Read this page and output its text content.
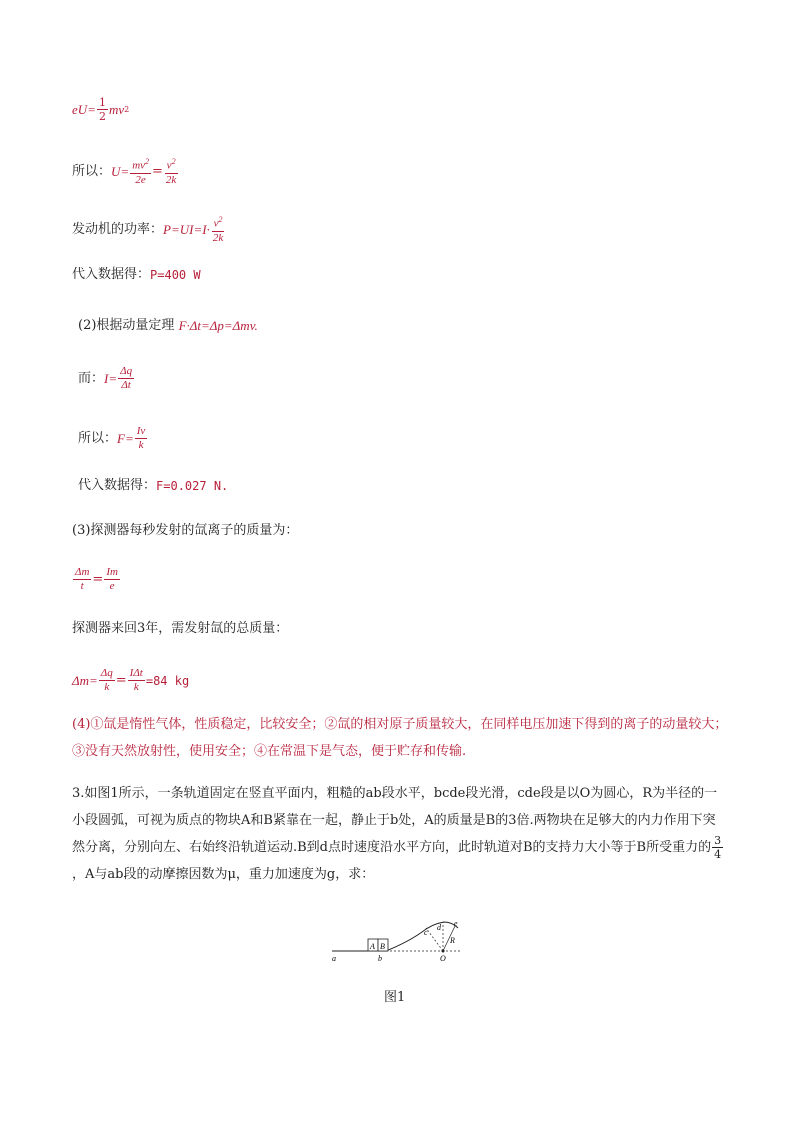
$eU= \frac{1}{2}$ mv 2
所以： $U= \frac{mv^2}{2e} = \frac{v^2}{2k}$
发动机的功率： $P=UI=I\cdot \frac{v^2}{2k}$
代入数据得： P=400 W
(2)根据动量定理
F·Δt=Δp=Δmv.
而： $I= \frac{\Delta q}{\Delta t}$
所以： $F= \frac{Iv}{k}$
代入数据得： F=0.027 N.
(3)探测器每秒发射的氙离子的质量为：
$\frac{\Delta m}{t} = \frac{Im}{e}$
探测器来回3年，需发射氙的总质量：
$\Delta m= \frac{\Delta q}{k} = \frac{\text{IΔt}}{k} =84$ kg
(4)①氙是惰性气体，性质稳定，比较安全；②氙的相对原子质量较大，在同样电压加速下得到的离子的动量较大；③没有天然放射性，使用安全；④在常温下是气态，便于贮存和传输.
3.如图1所示，一条轨道固定在竖直平面内，粗糙的ab段水平，bcde段光滑，cde段是以O为圆心，R为半径的一小段圆弧，可视为质点的物块A和B紧靠在一起，静止于b处，A的质量是B的3倍.两物块在足够大的内力作用下突然分离，分别向左、右始终沿轨道运动.B到d点时速度沿水平方向，此时轨道对B的支持力大小等于B所受重力的 $\frac{3}{4}$
，A与ab段的动摩擦因数为μ，重力加速度为g，求：
A B
a	b
c
d e
R
O
图1
